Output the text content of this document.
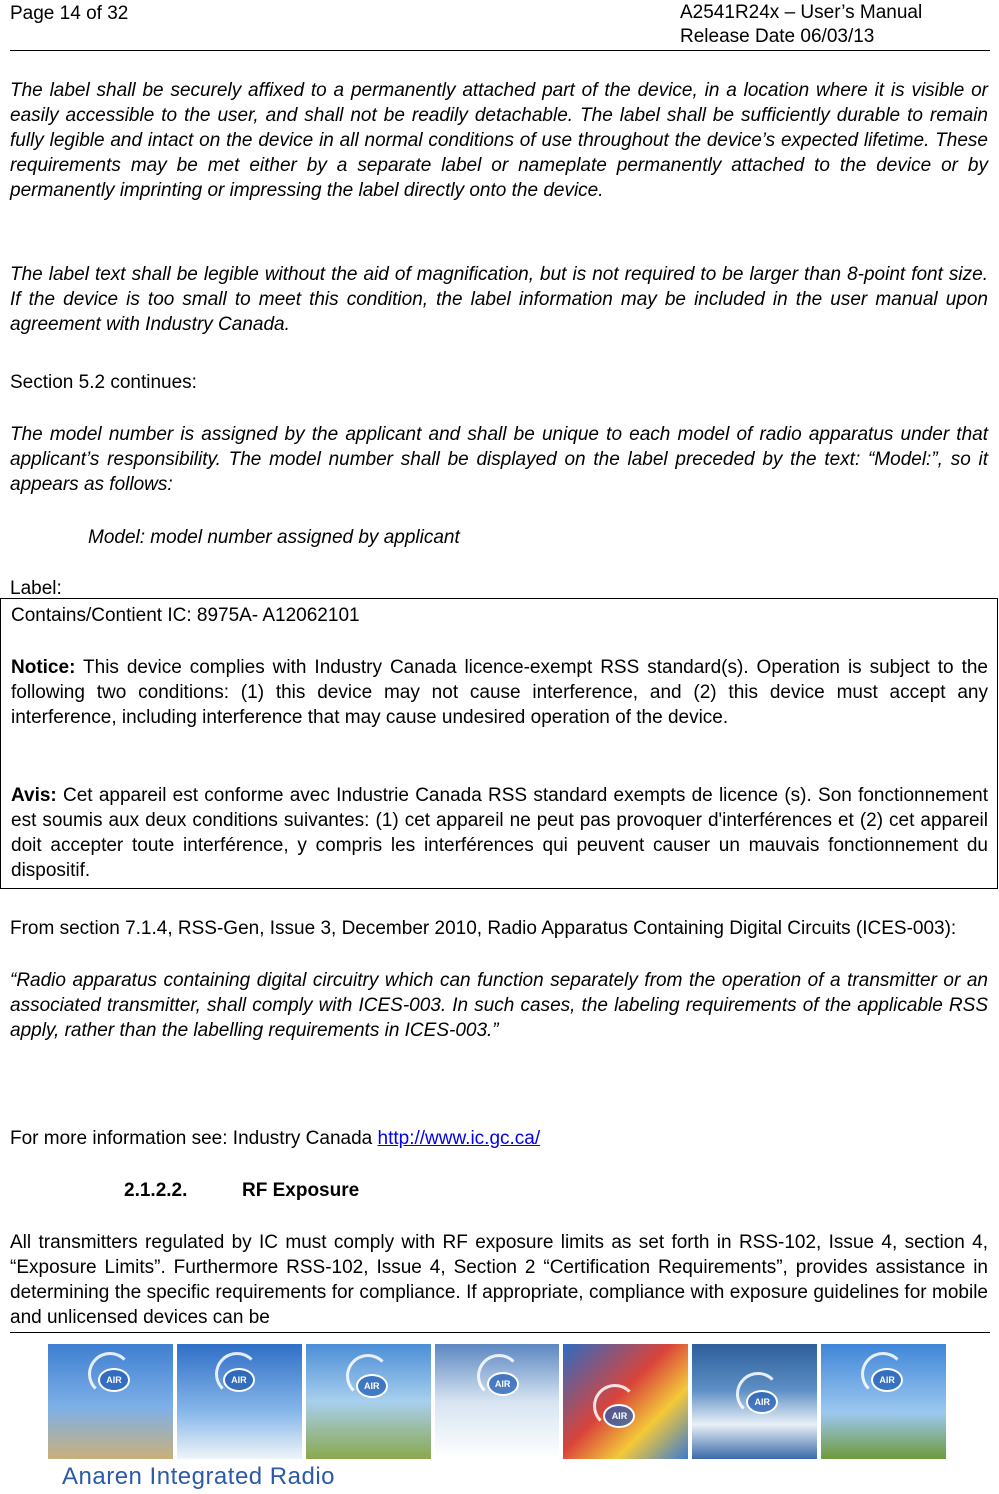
Page 14 of 32	A2541R24x – User’s Manual
Release Date 06/03/13
The label shall be securely affixed to a permanently attached part of the device, in a location where it is visible or easily accessible to the user, and shall not be readily detachable. The label shall be sufficiently durable to remain fully legible and intact on the device in all normal conditions of use throughout the device’s expected lifetime. These requirements may be met either by a separate label or nameplate permanently attached to the device or by permanently imprinting or impressing the label directly onto the device.
The label text shall be legible without the aid of magnification, but is not required to be larger than 8-point font size. If the device is too small to meet this condition, the label information may be included in the user manual upon agreement with Industry Canada.
Section 5.2 continues:
The model number is assigned by the applicant and shall be unique to each model of radio apparatus under that applicant’s responsibility. The model number shall be displayed on the label preceded by the text: “Model:”, so it appears as follows:
Model: model number assigned by applicant
Label:
Contains/Contient IC: 8975A- A12062101
Notice: This device complies with Industry Canada licence-exempt RSS standard(s). Operation is subject to the following two conditions: (1) this device may not cause interference, and (2) this device must accept any interference, including interference that may cause undesired operation of the device.
Avis: Cet appareil est conforme avec Industrie Canada RSS standard exempts de licence (s). Son fonctionnement est soumis aux deux conditions suivantes: (1) cet appareil ne peut pas provoquer d'interférences et (2) cet appareil doit accepter toute interférence, y compris les interférences qui peuvent causer un mauvais fonctionnement du dispositif.
From section 7.1.4, RSS-Gen, Issue 3, December 2010, Radio Apparatus Containing Digital Circuits (ICES-003):
“Radio apparatus containing digital circuitry which can function separately from the operation of a transmitter or an associated transmitter, shall comply with ICES-003. In such cases, the labeling requirements of the applicable RSS apply, rather than the labelling requirements in ICES-003.”
For more information see: Industry Canada http://www.ic.gc.ca/
2.1.2.2.	RF Exposure
All transmitters regulated by IC must comply with RF exposure limits as set forth in RSS-102, Issue 4, section 4, “Exposure Limits”. Furthermore RSS-102, Issue 4, Section 2 “Certification Requirements”, provides assistance in determining the specific requirements for compliance. If appropriate, compliance with exposure guidelines for mobile and unlicensed devices can be
AIR	AIR
AIR	AIR
AIR
AIR
AIR
Anaren Integrated Radio
